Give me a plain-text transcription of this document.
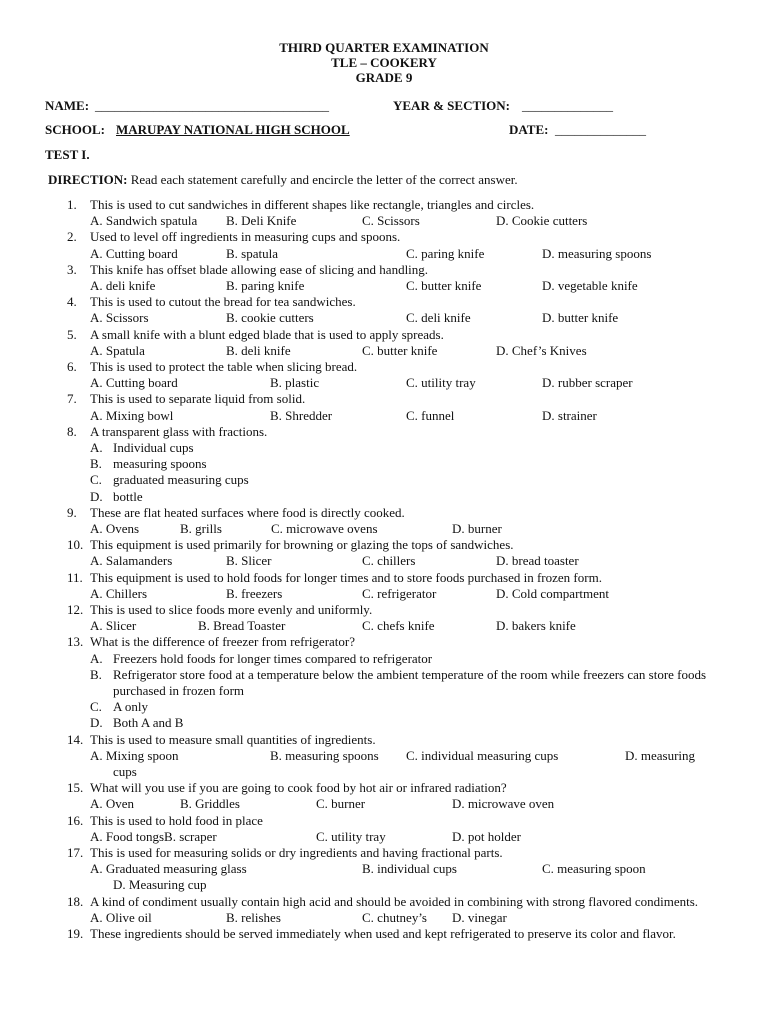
THIRD QUARTER EXAMINATION
TLE – COOKERY
GRADE 9
NAME: ____________________________________	YEAR & SECTION: ______________
SCHOOL: MARUPAY NATIONAL HIGH SCHOOL	DATE: ______________
TEST I.
DIRECTION: Read each statement carefully and encircle the letter of the correct answer.
1. This is used to cut sandwiches in different shapes like rectangle, triangles and circles.
A. Sandwich spatula B. Deli Knife	C. Scissors	D. Cookie cutters
2. Used to level off ingredients in measuring cups and spoons.
A. Cutting board	B. spatula	C. paring knife	D. measuring spoons
3. This knife has offset blade allowing ease of slicing and handling.
A. deli knife	B. paring knife	C. butter knife	D. vegetable knife
4. This is used to cutout the bread for tea sandwiches.
A. Scissors	B. cookie cutters	C. deli knife	D. butter knife
5. A small knife with a blunt edged blade that is used to apply spreads.
A. Spatula	B. deli knife	C. butter knife	D. Chef’s Knives
6. This is used to protect the table when slicing bread.
A. Cutting board	B. plastic	C. utility tray	D. rubber scraper
7. This is used to separate liquid from solid.
A. Mixing bowl	B. Shredder	C. funnel	D. strainer
8. A transparent glass with fractions.
A. Individual cups
B. measuring spoons
C. graduated measuring cups
D. bottle
9. These are flat heated surfaces where food is directly cooked.
A. Ovens	B. grills	C. microwave ovens	D. burner
10. This equipment is used primarily for browning or glazing the tops of sandwiches.
A. Salamanders	B. Slicer	C. chillers	D. bread toaster
11. This equipment is used to hold foods for longer times and to store foods purchased in frozen form.
A. Chillers	B. freezers	C. refrigerator	D. Cold compartment
12. This is used to slice foods more evenly and uniformly.
A. Slicer	B. Bread Toaster	C. chefs knife	D. bakers knife
13. What is the difference of freezer from refrigerator?
A. Freezers hold foods for longer times compared to refrigerator
B. Refrigerator store food at a temperature below the ambient temperature of the room while freezers can store foods purchased in frozen form
C. A only
D. Both A and B
14. This is used to measure small quantities of ingredients.
A. Mixing spoon	B. measuring spoons C. individual measuring cups	D. measuring
cups
15. What will you use if you are going to cook food by hot air or infrared radiation?
A. Oven	B. Griddles	C. burner	D. microwave oven
16. This is used to hold food in place
A. Food tongsB. scraper	C. utility tray	D. pot holder
17. This is used for measuring solids or dry ingredients and having fractional parts.
A. Graduated measuring glass	B. individual cups	C. measuring spoon
D. Measuring cup
18. A kind of condiment usually contain high acid and should be avoided in combining with strong flavored condiments.
A. Olive oil	B. relishes	C. chutney’s D. vinegar
19. These ingredients should be served immediately when used and kept refrigerated to preserve its color and flavor.
